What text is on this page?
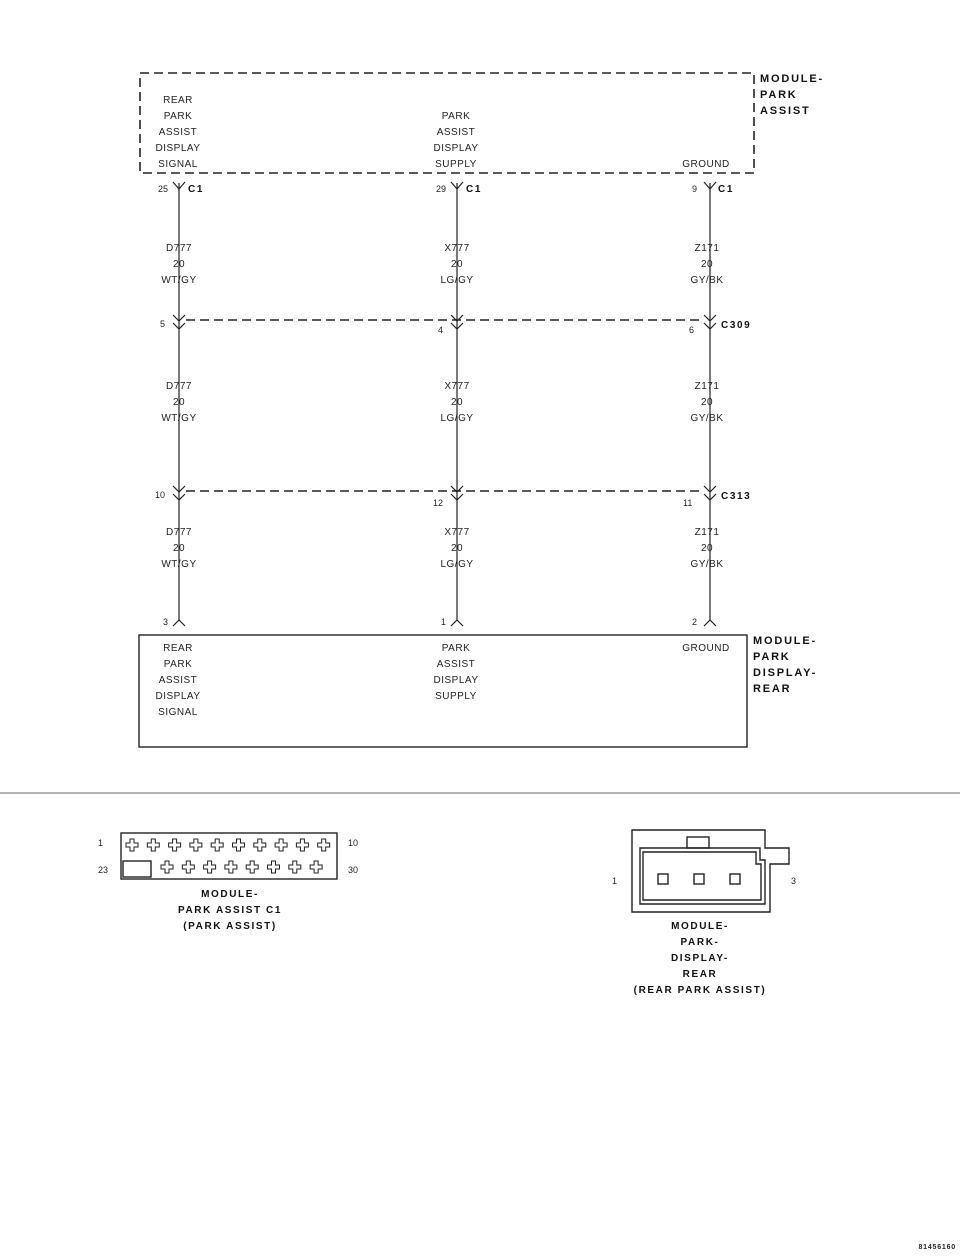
MODULE-
PARK
ASSIST
REAR
PARK
ASSIST
DISPLAY
SIGNAL
PARK
ASSIST
DISPLAY
SUPPLY	GROUND
25	29	9
C1	C1	C1
D777
20
WT/GY
X777
20
LG/GY
Z171
20
GY/BK
5
4	6	C309
D777
20
WT/GY
X777
20
LG/GY
Z171
20
GY/BK
10
12	11
C313
D777
20
WT/GY
X777
20
LG/GY
Z171
20
GY/BK
3	1	2
MODULE-
PARK
DISPLAY-
REAR
REAR
PARK
ASSIST
DISPLAY
SIGNAL
PARK
ASSIST
DISPLAY
SUPPLY
GROUND
1	10
23	30
MODULE-
PARK ASSIST C1
(PARK ASSIST)
1	3
MODULE-
PARK-
DISPLAY-
REAR
(REAR PARK ASSIST)
81456160
